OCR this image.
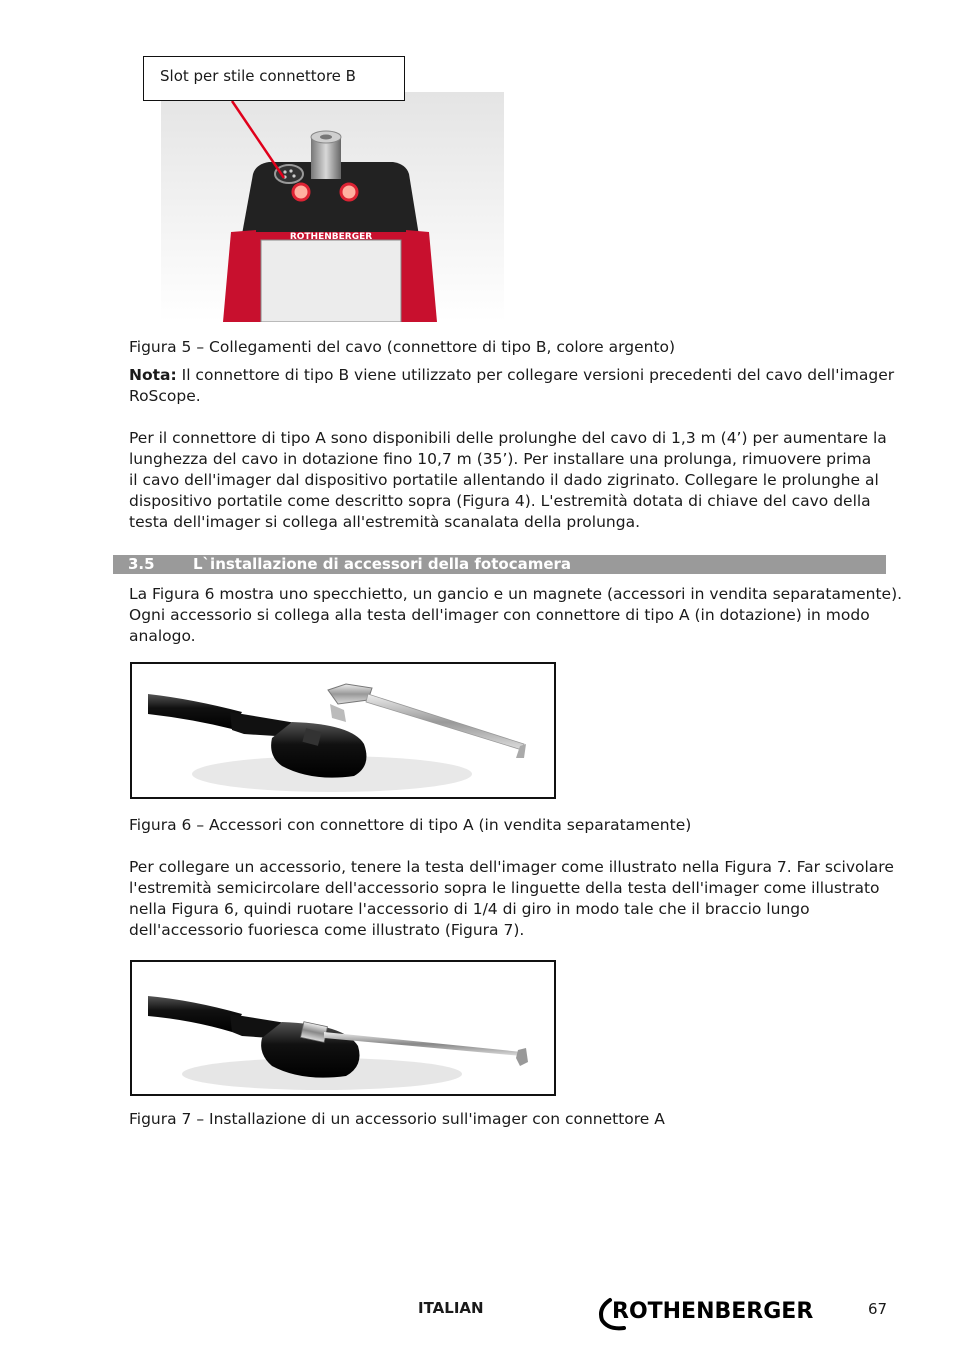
ROTHENBERGER
Slot per stile connettore B
Figura 5 – Collegamenti del cavo (connettore di tipo B, colore argento)
Nota: Il connettore di tipo B viene utilizzato per collegare versioni precedenti del cavo dell'imager
RoScope.
Per il connettore di tipo A sono disponibili delle prolunghe del cavo di 1,3 m (4’) per aumentare la
lunghezza del cavo in dotazione fino 10,7 m (35’). Per installare una prolunga, rimuovere prima
il cavo dell'imager dal dispositivo portatile allentando il dado zigrinato. Collegare le prolunghe al
dispositivo portatile come descritto sopra (Figura 4). L'estremità dotata di chiave del cavo della
testa dell'imager si collega all'estremità scanalata della prolunga.
3.5	L`installazione di accessori della fotocamera
La Figura 6 mostra uno specchietto, un gancio e un magnete (accessori in vendita separatamente).
Ogni accessorio si collega alla testa dell'imager con connettore di tipo A (in dotazione) in modo
analogo.
Figura 6 – Accessori con connettore di tipo A (in vendita separatamente)
Per collegare un accessorio, tenere la testa dell'imager come illustrato nella Figura 7. Far scivolare
l'estremità semicircolare dell'accessorio sopra le linguette della testa dell'imager come illustrato
nella Figura 6, quindi ruotare l'accessorio di 1/4 di giro in modo tale che il braccio lungo
dell'accessorio fuoriesca come illustrato (Figura 7).
Figura 7 – Installazione di un accessorio sull'imager con connettore A
ITALIAN	ROTHENBERGER	67
